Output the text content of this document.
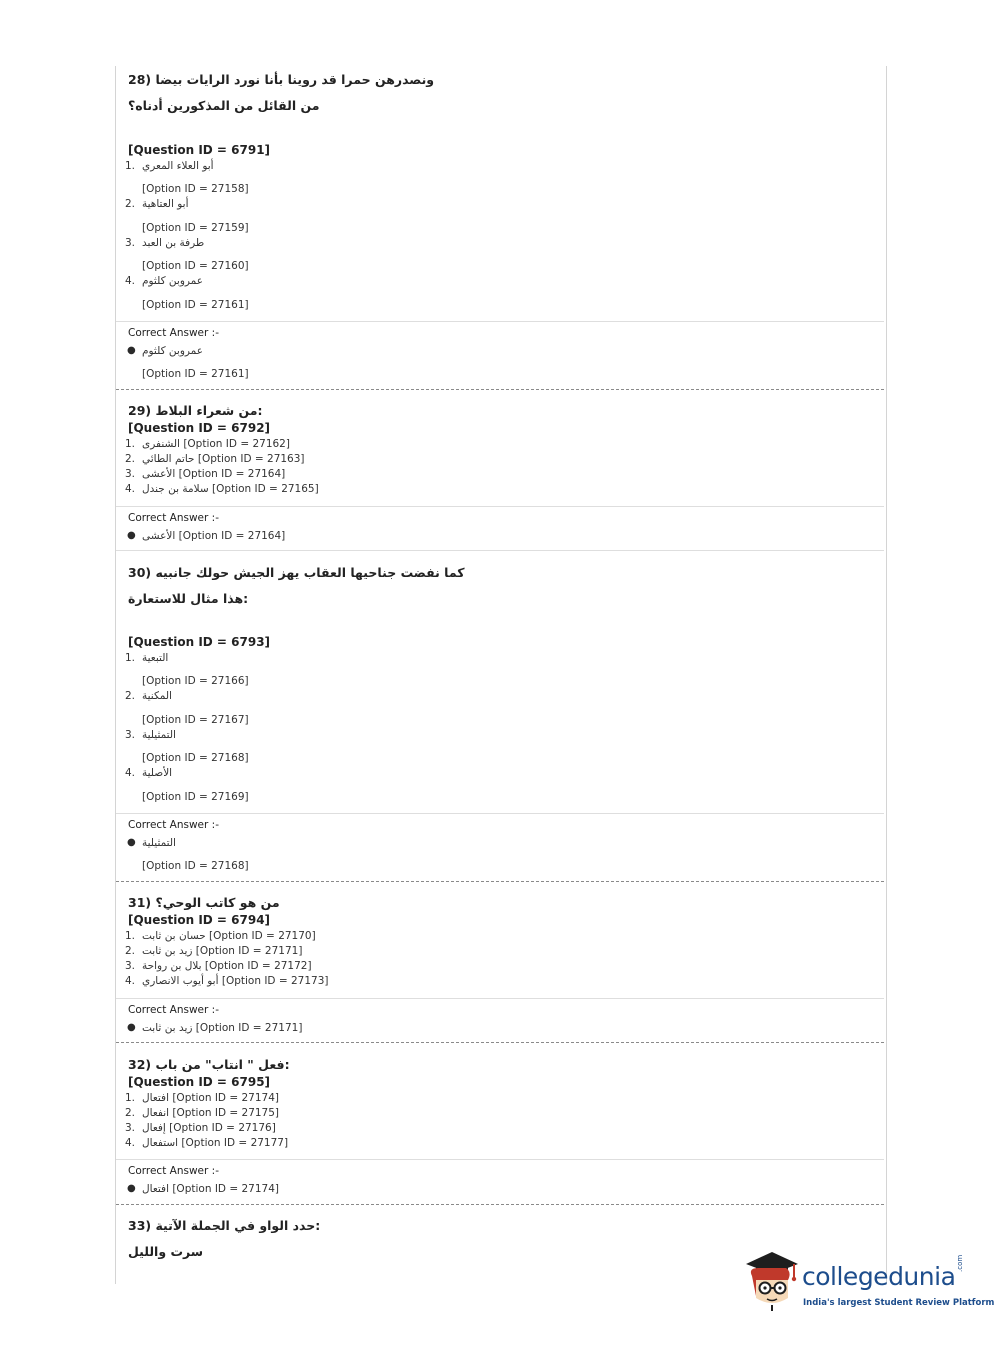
28) ونصدرهن حمرا قد روينا بأنا نورد الرايات بيضا
من القائل من المذكورين أدناه؟
[Question ID = 6791]
1. أبو العلاء المعري
[Option ID = 27158]
2. أبو العتاهية
[Option ID = 27159]
3. طرفة بن العبد
[Option ID = 27160]
4. عمروبن كلثوم
[Option ID = 27161]
Correct Answer :-
● عمروبن كلثوم
[Option ID = 27161]
29) من شعراء البلاط:
[Question ID = 6792]
1. الشنفرى [Option ID = 27162]
2. حاتم الطائي [Option ID = 27163]
3. الأعشى [Option ID = 27164]
4. سلامة بن جندل [Option ID = 27165]
Correct Answer :-
● الأعشى [Option ID = 27164]
30) كما نفضت جناحيها العقاب يهز الجيش حولك جانبيه
هذا مثال للاستعارة:
[Question ID = 6793]
1. التبعية
[Option ID = 27166]
2. المكنية
[Option ID = 27167]
3. التمثيلية
[Option ID = 27168]
4. الأصلية
[Option ID = 27169]
Correct Answer :-
● التمثيلية
[Option ID = 27168]
31) من هو كاتب الوحي؟
[Question ID = 6794]
1. حسان بن ثابت [Option ID = 27170]
2. زيد بن ثابت [Option ID = 27171]
3. بلال بن رواحة [Option ID = 27172]
4. أبو أيوب الانصاري [Option ID = 27173]
Correct Answer :-
● زيد بن ثابت [Option ID = 27171]
32) فعل " انتاب" من باب:
[Question ID = 6795]
1. افتعال [Option ID = 27174]
2. انفعال [Option ID = 27175]
3. إفعال [Option ID = 27176]
4. استفعال [Option ID = 27177]
Correct Answer :-
● افتعال [Option ID = 27174]
33) حدد الواو في الجملة الآتية:
سرت والليل
collegedunia .com
India's largest Student Review Platform
